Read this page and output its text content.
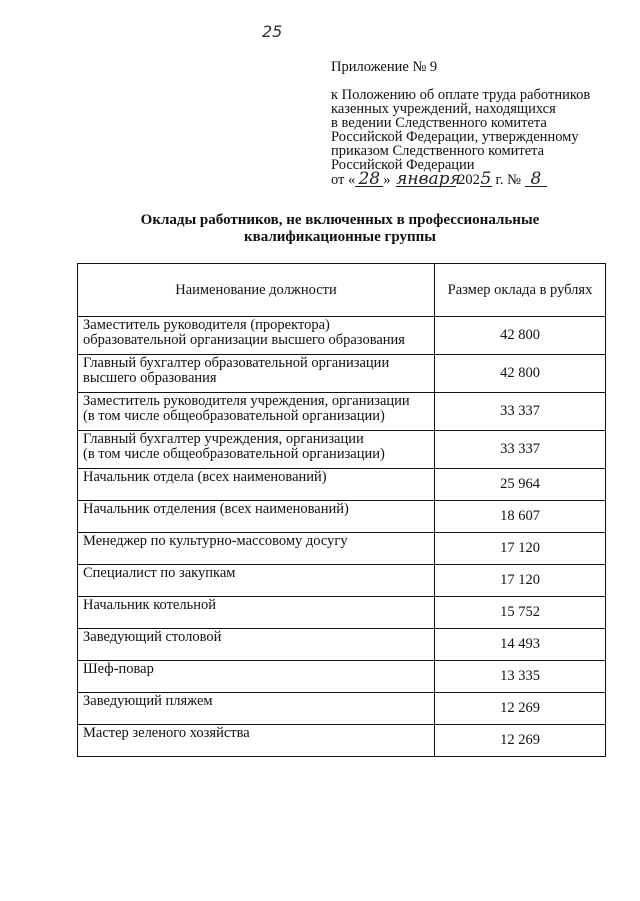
25
Приложение № 9
к Положению об оплате труда работников
казенных учреждений, находящихся
в ведении Следственного комитета
Российской Федерации, утвержденному
приказом Следственного комитета
Российской Федерации
от « 28 » января2025 г. № 8
Оклады работников, не включенных в профессиональные
квалификационные группы
Наименование должности	Размер оклада в рублях

Заместитель руководителя (проректора)
образовательной организации высшего образования	42 800

Главный бухгалтер образовательной организации
высшего образования	42 800

Заместитель руководителя учреждения, организации
(в том числе общеобразовательной организации)	33 337

Главный бухгалтер учреждения, организации
(в том числе общеобразовательной организации)	33 337
Начальник отдела (всех наименований)	25 964
Начальник отделения (всех наименований)	18 607
Менеджер по культурно-массовому досугу	17 120
Специалист по закупкам	17 120
Начальник котельной	15 752
Заведующий столовой	14 493
Шеф-повар	13 335
Заведующий пляжем	12 269
Мастер зеленого хозяйства	12 269
